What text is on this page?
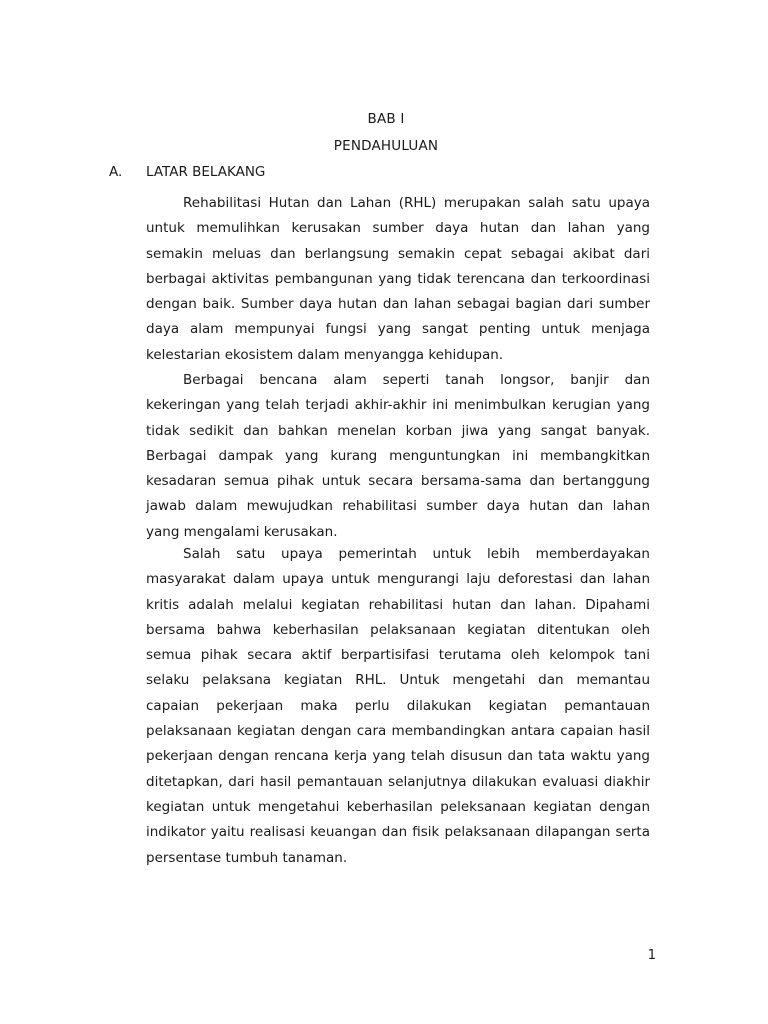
BAB I
PENDAHULUAN
A. LATAR BELAKANG
Rehabilitasi Hutan dan Lahan (RHL) merupakan salah satu upaya
untuk memulihkan kerusakan sumber daya hutan dan lahan yang
semakin meluas dan berlangsung semakin cepat sebagai akibat dari
berbagai aktivitas pembangunan yang tidak terencana dan terkoordinasi
dengan baik. Sumber daya hutan dan lahan sebagai bagian dari sumber
daya alam mempunyai fungsi yang sangat penting untuk menjaga
kelestarian ekosistem dalam menyangga kehidupan.
Berbagai bencana alam seperti tanah longsor, banjir dan
kekeringan yang telah terjadi akhir-akhir ini menimbulkan kerugian yang
tidak sedikit dan bahkan menelan korban jiwa yang sangat banyak.
Berbagai dampak yang kurang menguntungkan ini membangkitkan
kesadaran semua pihak untuk secara bersama-sama dan bertanggung
jawab dalam mewujudkan rehabilitasi sumber daya hutan dan lahan
yang mengalami kerusakan.
Salah satu upaya pemerintah untuk lebih memberdayakan
masyarakat dalam upaya untuk mengurangi laju deforestasi dan lahan
kritis adalah melalui kegiatan rehabilitasi hutan dan lahan. Dipahami
bersama bahwa keberhasilan pelaksanaan kegiatan ditentukan oleh
semua pihak secara aktif berpartisifasi terutama oleh kelompok tani
selaku pelaksana kegiatan RHL. Untuk mengetahi dan memantau
capaian pekerjaan maka perlu dilakukan kegiatan pemantauan
pelaksanaan kegiatan dengan cara membandingkan antara capaian hasil
pekerjaan dengan rencana kerja yang telah disusun dan tata waktu yang
ditetapkan, dari hasil pemantauan selanjutnya dilakukan evaluasi diakhir
kegiatan untuk mengetahui keberhasilan peleksanaan kegiatan dengan
indikator yaitu realisasi keuangan dan fisik pelaksanaan dilapangan serta
persentase tumbuh tanaman.
1
